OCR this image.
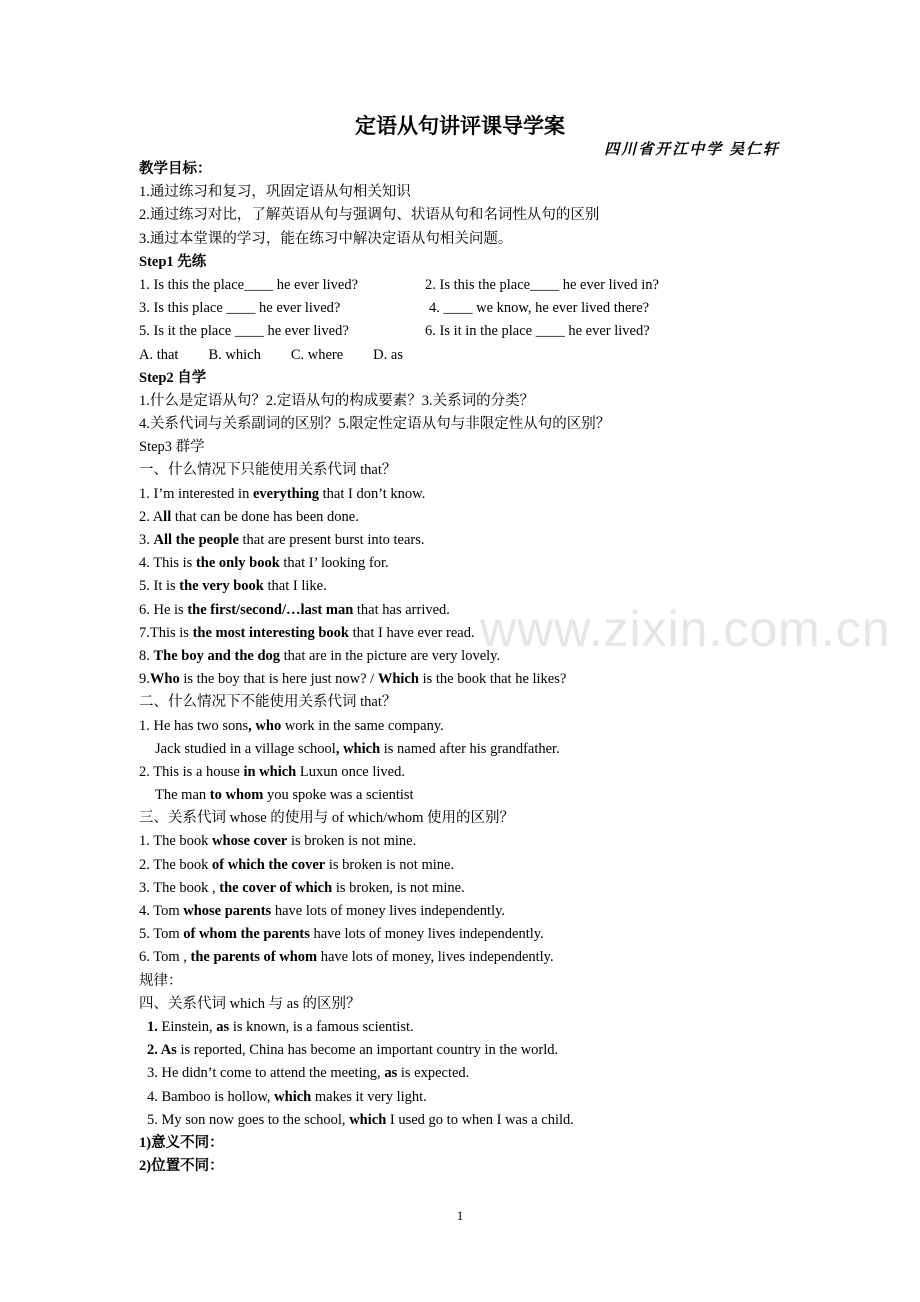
www.zixin.com.cn
定语从句讲评课导学案
四川省开江中学 吴仁轩
教学目标：
1.通过练习和复习，巩固定语从句相关知识
2.通过练习对比，了解英语从句与强调句、状语从句和名词性从句的区别
3.通过本堂课的学习，能在练习中解决定语从句相关问题。
Step1 先练
1. Is this the place____ he ever lived?	2. Is this the place____ he ever lived in?
3. Is this place ____ he ever lived?	4. ____ we know, he ever lived there?
5. Is it the place ____ he ever lived?	6. Is it in the place ____ he ever lived?
A. that B. which C. where D. as
Step2 自学
1.什么是定语从句？2.定语从句的构成要素？3.关系词的分类？
4.关系代词与关系副词的区别？5.限定性定语从句与非限定性从句的区别？
Step3 群学
一、什么情况下只能使用关系代词 that？
1. I’m interested in everything that I don’t know.
2. All that can be done has been done.
3. All the people that are present burst into tears.
4. This is the only book that I’ looking for.
5. It is the very book that I like.
6. He is the first/second/…last man that has arrived.
7.This is the most interesting book that I have ever read.
8. The boy and the dog that are in the picture are very lovely.
9.Who is the boy that is here just now? / Which is the book that he likes?
二、什么情况下不能使用关系代词 that？
1. He has two sons, who work in the same company.
Jack studied in a village school, which is named after his grandfather.
2. This is a house in which Luxun once lived.
The man to whom you spoke was a scientist
三、关系代词 whose 的使用与 of which/whom 使用的区别？
1. The book whose cover is broken is not mine.
2. The book of which the cover is broken is not mine.
3. The book , the cover of which is broken, is not mine.
4. Tom whose parents have lots of money lives independently.
5. Tom of whom the parents have lots of money lives independently.
6. Tom , the parents of whom have lots of money, lives independently.
规律：
四、关系代词 which 与 as 的区别？
1. Einstein, as is known, is a famous scientist.
2. As is reported, China has become an important country in the world.
3. He didn’t come to attend the meeting, as is expected.
4. Bamboo is hollow, which makes it very light.
5. My son now goes to the school, which I used go to when I was a child.
1)意义不同：
2)位置不同：
1
